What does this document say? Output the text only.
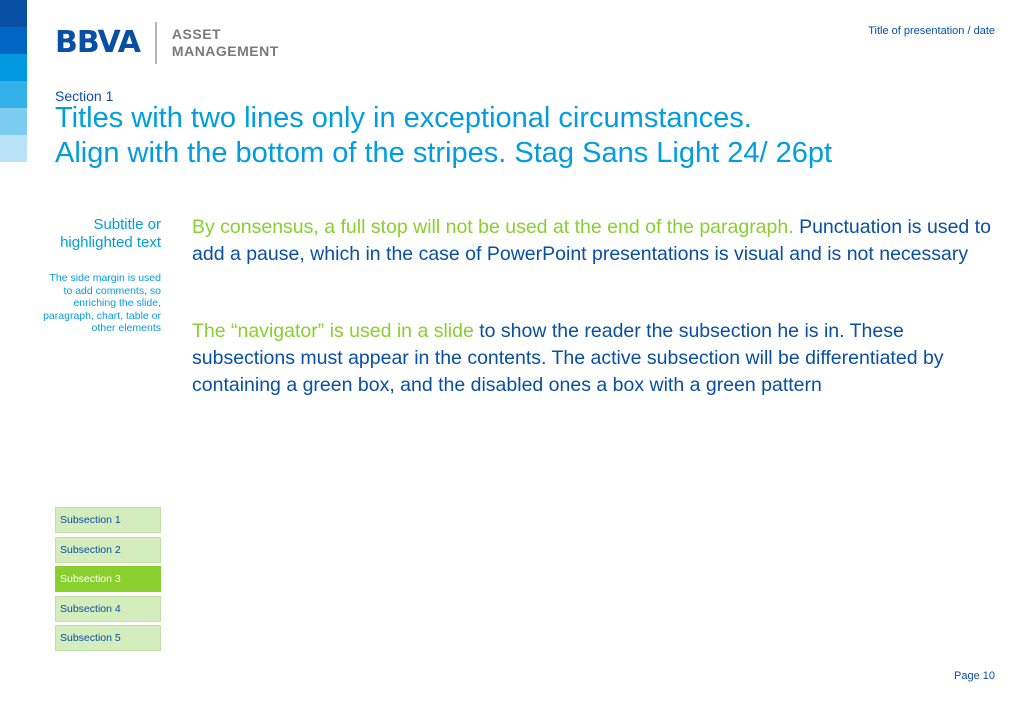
BBVA ASSET
MANAGEMENT
Title of presentation / date
Section 1
Titles with two lines only in exceptional circumstances.
Align with the bottom of the stripes. Stag Sans Light 24/ 26pt
Subtitle or highlighted text
The side margin is used to add comments, so enriching the slide, paragraph, chart, table or other elements

By consensus, a full stop will not be used at the end of the paragraph. Punctuation is used to add a pause, which in the case of PowerPoint presentations is visual and is not necessary

The “navigator” is used in a slide to show the reader the subsection he is in. These subsections must appear in the contents. The active subsection will be differentiated by containing a green box, and the disabled ones a box with a green pattern

Subsection 1
Subsection 2
Subsection 3
Subsection 4
Subsection 5
Page 10
